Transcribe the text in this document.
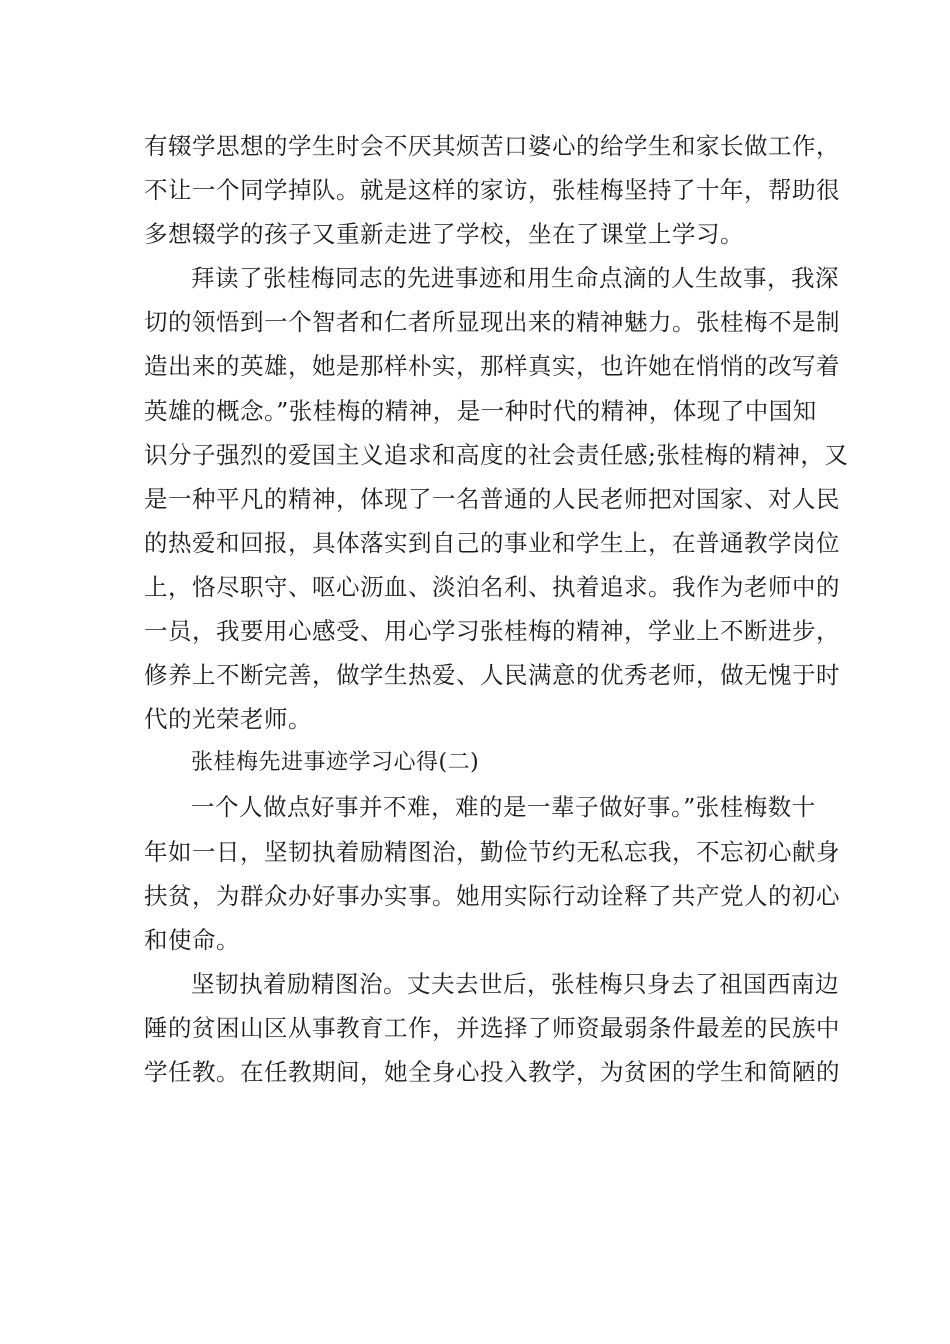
有辍学思想的学生时会不厌其烦苦口婆心的给学生和家长做工作，
不让一个同学掉队。就是这样的家访，张桂梅坚持了十年，帮助很
多想辍学的孩子又重新走进了学校，坐在了课堂上学习。
拜读了张桂梅同志的先进事迹和用生命点滴的人生故事，我深
切的领悟到一个智者和仁者所显现出来的精神魅力。张桂梅不是制
造出来的英雄，她是那样朴实，那样真实，也许她在悄悄的改写着
英雄的概念。”张桂梅的精神，是一种时代的精神，体现了中国知
识分子强烈的爱国主义追求和高度的社会责任感;张桂梅的精神，又
是一种平凡的精神，体现了一名普通的人民老师把对国家、对人民
的热爱和回报，具体落实到自己的事业和学生上，在普通教学岗位
上，恪尽职守、呕心沥血、淡泊名利、执着追求。我作为老师中的
一员，我要用心感受、用心学习张桂梅的精神，学业上不断进步，
修养上不断完善，做学生热爱、人民满意的优秀老师，做无愧于时
代的光荣老师。
张桂梅先进事迹学习心得(二)
一个人做点好事并不难，难的是一辈子做好事。”张桂梅数十
年如一日，坚韧执着励精图治，勤俭节约无私忘我，不忘初心献身
扶贫，为群众办好事办实事。她用实际行动诠释了共产党人的初心
和使命。
坚韧执着励精图治。丈夫去世后，张桂梅只身去了祖国西南边
陲的贫困山区从事教育工作，并选择了师资最弱条件最差的民族中
学任教。在任教期间，她全身心投入教学，为贫困的学生和简陋的
